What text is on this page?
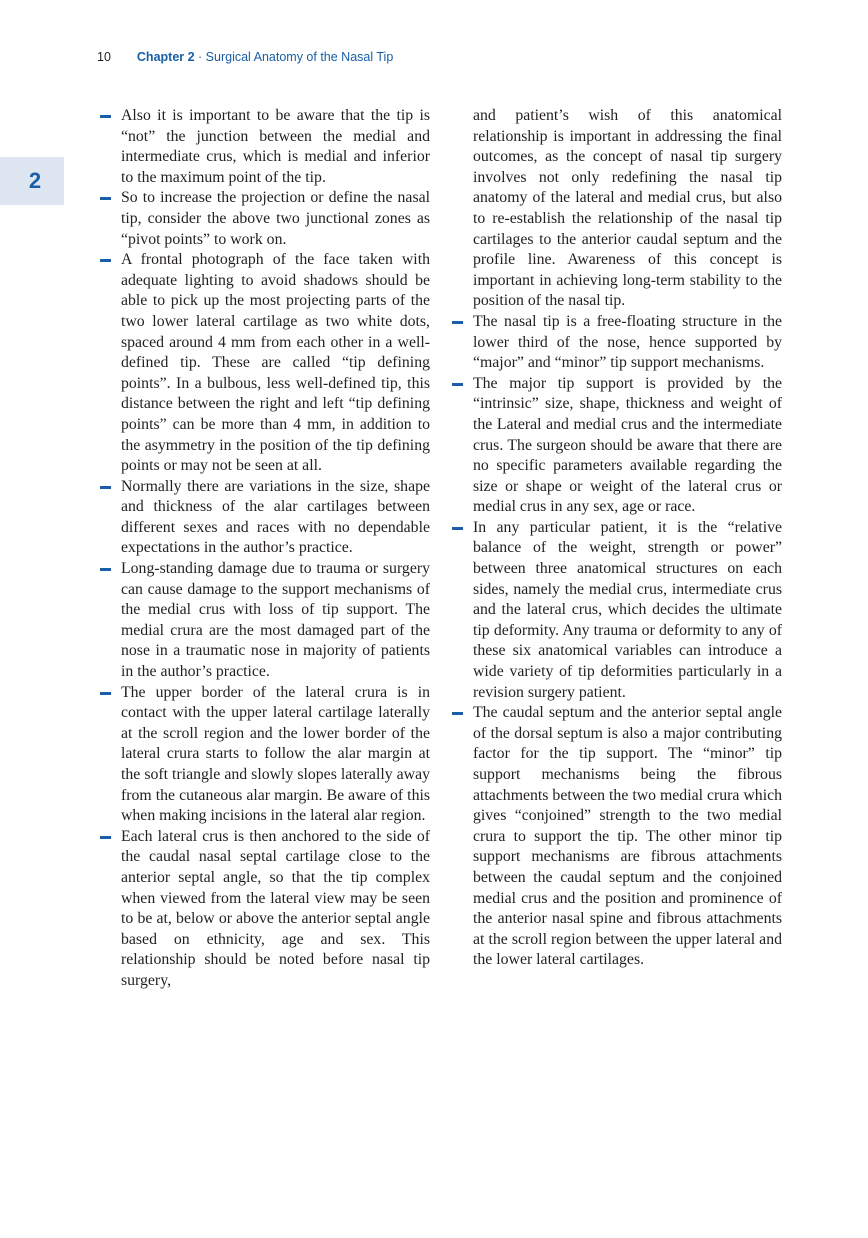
10 Chapter 2 · Surgical Anatomy of the Nasal Tip
2
Also it is important to be aware that the tip is “not” the junction between the medial and intermediate crus, which is medial and inferior to the maximum point of the tip.
So to increase the projection or define the nasal tip, consider the above two junctional zones as “pivot points” to work on.
A frontal photograph of the face taken with adequate lighting to avoid shadows should be able to pick up the most projecting parts of the two lower lateral cartilage as two white dots, spaced around 4 mm from each other in a well-defined tip. These are called “tip defining points”. In a bulbous, less well-defined tip, this distance between the right and left “tip defining points” can be more than 4 mm, in addition to the asymmetry in the position of the tip defining points or may not be seen at all.
Normally there are variations in the size, shape and thickness of the alar cartilages between different sexes and races with no dependable expectations in the author’s practice.
Long-standing damage due to trauma or surgery can cause damage to the support mechanisms of the medial crus with loss of tip support. The medial crura are the most damaged part of the nose in a traumatic nose in majority of patients in the author’s practice.
The upper border of the lateral crura is in contact with the upper lateral cartilage laterally at the scroll region and the lower border of the lateral crura starts to follow the alar margin at the soft triangle and slowly slopes laterally away from the cutaneous alar margin. Be aware of this when making incisions in the lateral alar region.
Each lateral crus is then anchored to the side of the caudal nasal septal cartilage close to the anterior septal angle, so that the tip complex when viewed from the lateral view may be seen to be at, below or above the anterior septal angle based on ethnicity, age and sex. This relationship should be noted before nasal tip surgery,
and patient’s wish of this anatomical relationship is important in addressing the final outcomes, as the concept of nasal tip surgery involves not only redefining the nasal tip anatomy of the lateral and medial crus, but also to re-establish the relationship of the nasal tip cartilages to the anterior caudal septum and the profile line. Awareness of this concept is important in achieving long-term stability to the position of the nasal tip.
The nasal tip is a free-floating structure in the lower third of the nose, hence supported by “major” and “minor” tip support mechanisms.
The major tip support is provided by the “intrinsic” size, shape, thickness and weight of the Lateral and medial crus and the intermediate crus. The surgeon should be aware that there are no specific parameters available regarding the size or shape or weight of the lateral crus or medial crus in any sex, age or race.
In any particular patient, it is the “relative balance of the weight, strength or power” between three anatomical structures on each sides, namely the medial crus, intermediate crus and the lateral crus, which decides the ultimate tip deformity. Any trauma or deformity to any of these six anatomical variables can introduce a wide variety of tip deformities particularly in a revision surgery patient.
The caudal septum and the anterior septal angle of the dorsal septum is also a major contributing factor for the tip support. The “minor” tip support mechanisms being the fibrous attachments between the two medial crura which gives “conjoined” strength to the two medial crura to support the tip. The other minor tip support mechanisms are fibrous attachments between the caudal septum and the conjoined medial crus and the position and prominence of the anterior nasal spine and fibrous attachments at the scroll region between the upper lateral and the lower lateral cartilages.
